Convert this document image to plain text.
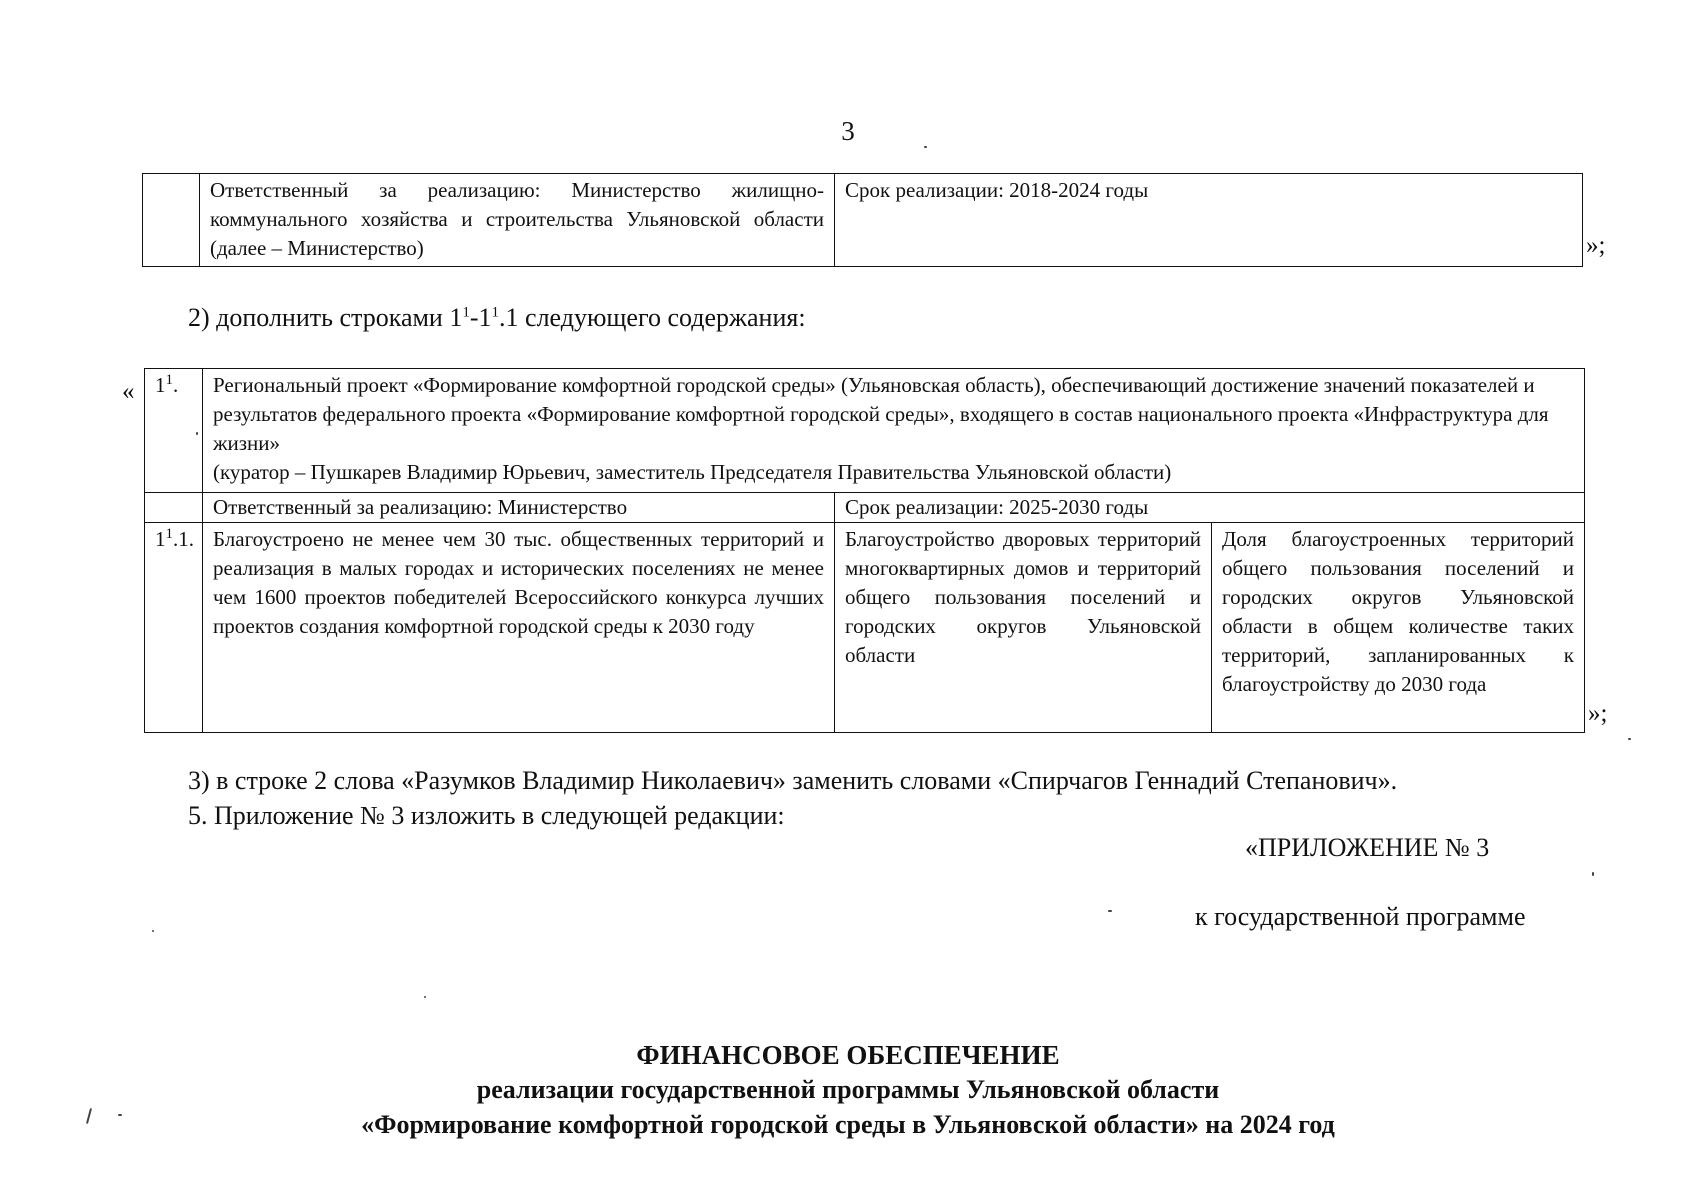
3
	Ответственный за реализацию: Министерство жилищно-коммунального хозяйства и строительства Ульяновской области (далее – Министерство)	Срок реализации: 2018-2024 годы
»;
2) дополнить строками $1^1-1^1.1$ следующего содержания:
« $1^1$.	Региональный проект «Формирование комфортной городской среды» (Ульяновская область), обеспечивающий достижение значений показателей и результатов федерального проекта «Формирование комфортной городской среды», входящего в состав национального проекта «Инфраструктура для жизни»
(куратор – Пушкарев Владимир Юрьевич, заместитель Председателя Правительства Ульяновской области)		

	Ответственный за реализацию: Министерство	Срок реализации: 2025-2030 годы	
$1^1.1$.	Благоустроено не менее чем 30 тыс. общественных территорий и реализация в малых городах и исторических поселениях не менее чем 1600 проектов победителей Всероссийского конкурса лучших проектов создания комфортной городской среды к 2030 году	Благоустройство дворовых территорий многоквартирных домов и территорий общего пользования поселений и городских округов Ульяновской области	Доля благоустроенных территорий общего пользования поселений и городских округов Ульяновской области в общем количестве таких территорий, запланированных к благоустройству до 2030 года
»;
3) в строке 2 слова «Разумков Владимир Николаевич» заменить словами «Спирчагов Геннадий Степанович».
5. Приложение № 3 изложить в следующей редакции:
«ПРИЛОЖЕНИЕ № 3
к государственной программе
ФИНАНСОВОЕ ОБЕСПЕЧЕНИЕ
реализации государственной программы Ульяновской области
«Формирование комфортной городской среды в Ульяновской области» на 2024 год
